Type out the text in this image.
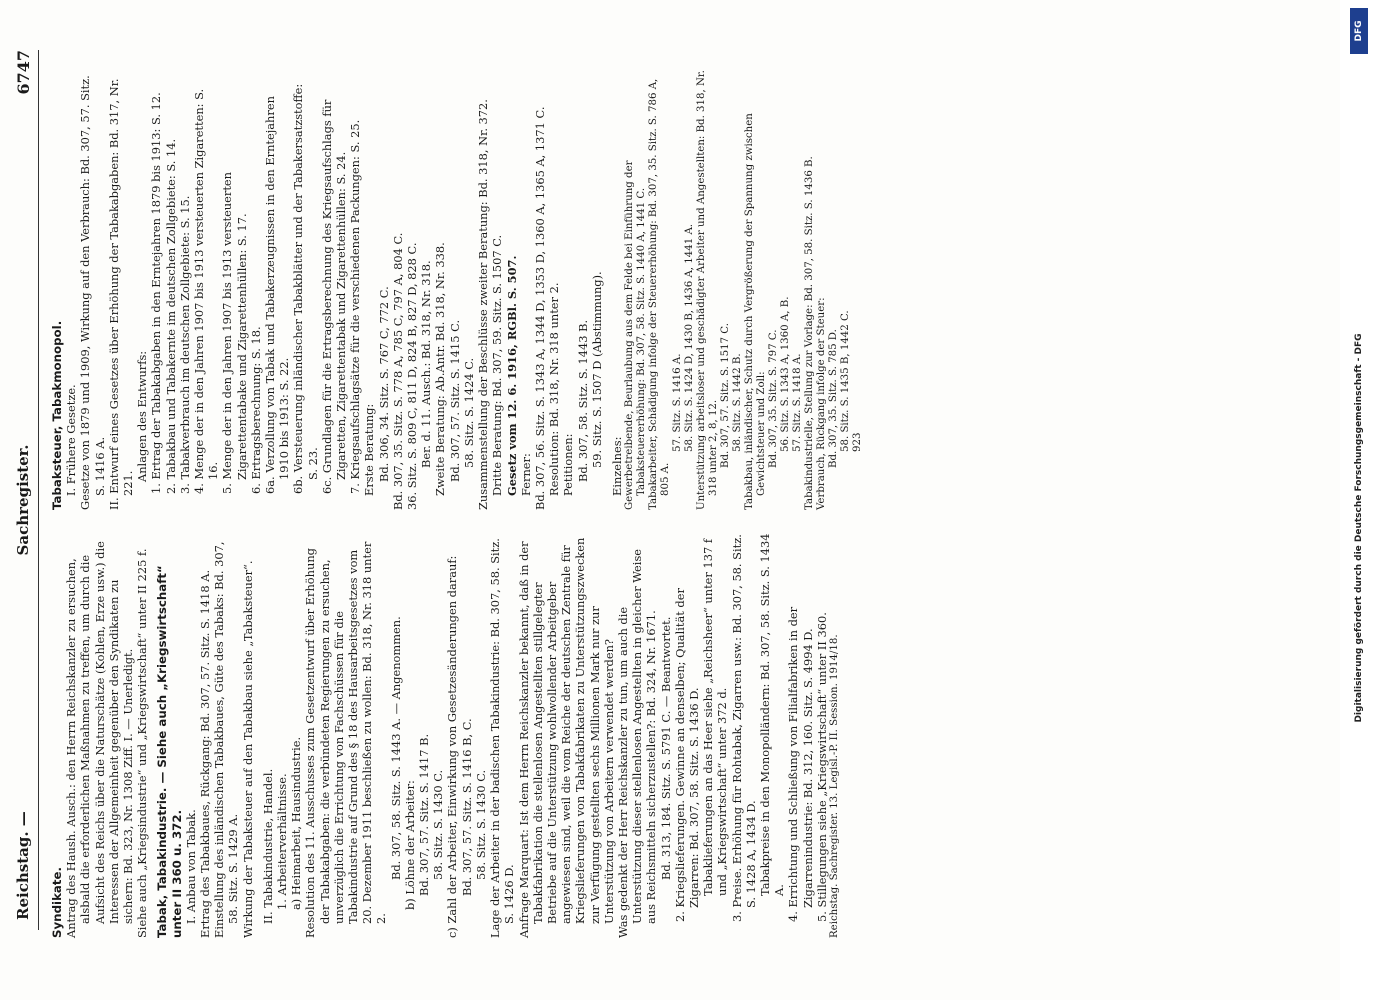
Reichstag. —
Sachregister.
6747

Syndikate. Antrag des Haush. Ausch.: den Herrn Reichskanzler zu ersuchen, alsbald die erforderlichen Maßnahmen zu treffen, um durch die Aufsicht des Reichs über die Naturschätze (Kohlen, Erze usw.) die Interessen der Allgemeinheit gegenüber den Syndikaten zu sichern: Bd. 323, Nr. 1308 Ziff. I. — Unerledigt. Siehe auch „Kriegsindustrie“ und „Kriegswirtschaft“ unter II 225 f. Tabak, Tabakindustrie. — Siehe auch „Kriegswirtschaft“ unter II 360 u. 372. I. Anbau von Tabak. Ertrag des Tabakbaues, Rückgang: Bd. 307, 57. Sitz. S. 1418 A. Einstellung des inländischen Tabakbaues, Güte des Tabaks: Bd. 307, 58. Sitz. S. 1429 A. Wirkung der Tabaksteuer auf den Tabakbau siehe „Tabaksteuer“. II. Tabakindustrie, Handel. 1. Arbeiterverhältnisse. a) Heimarbeit, Hausindustrie. Resolution des 11. Ausschusses zum Gesetzentwurf über Erhöhung der Tabakabgaben: die verbündeten Regierungen zu ersuchen, unverzüglich die Errichtung von Fachschüssen für die Tabakindustrie auf Grund des § 18 des Hausarbeitsgesetzes vom 20. Dezember 1911 beschließen zu wollen: Bd. 318, Nr. 318 unter 2.

Bd. 307, 58. Sitz. S. 1443 A. — Angenommen. b) Löhne der Arbeiter: Bd. 307, 57. Sitz. S. 1417 B. 58. Sitz. S. 1430 C. c) Zahl der Arbeiter, Einwirkung von Gesetzesänderungen darauf: Bd. 307, 57. Sitz. S. 1416 B, C. 58. Sitz. S. 1430 C. Lage der Arbeiter in der badischen Tabakindustrie: Bd. 307, 58. Sitz. S. 1426 D. Anfrage Marquart: Ist dem Herrn Reichskanzler bekannt, daß in der Tabakfabrikation die stellenlosen Angestellten stillgelegter Betriebe auf die Unterstützung wohlwollender Arbeitgeber angewiesen sind, weil die vom Reiche der deutschen Zentrale für Kriegslieferungen von Tabakfabrikaten zu Unterstützungszwecken zur Verfügung gestellten sechs Millionen Mark nur zur Unterstützung von Arbeitern verwendet werden? Was gedenkt der Herr Reichskanzler zu tun, um auch die Unterstützung dieser stellenlosen Angestellten in gleicher Weise aus Reichsmitteln sicherzustellen?: Bd. 324, Nr. 1671. Bd. 313, 184. Sitz. S. 5791 C. — Beantwortet. 2. Kriegslieferungen. Gewinne an denselben; Qualität der Zigarren: Bd. 307, 58. Sitz. S. 1436 D. Tabaklieferungen an das Heer siehe „Reichsheer“ unter 137 f und „Kriegswirtschaft“ unter 372 d. 3. Preise. Erhöhung für Rohtabak, Zigarren usw.: Bd. 307, 58. Sitz. S. 1428 A, 1434 D. Tabakpreise in den Monopolländern: Bd. 307, 58. Sitz. S. 1434 A. 4. Errichtung und Schließung von Filialfabriken in der Zigarrenindustrie: Bd. 312, 160. Sitz. S. 4994 D. 5. Stillegungen siehe „Kriegswirtschaft“ unter II 360. Reichstag. Sachregister. 13. Legisl.-P. II. Session. 1914/18.

Tabaksteuer, Tabakmonopol. I. Frühere Gesetze. Gesetze von 1879 und 1909, Wirkung auf den Verbrauch: Bd. 307, 57. Sitz. S. 1416 A. II. Entwurf eines Gesetzes über Erhöhung der Tabakabgaben: Bd. 317, Nr. 221.

Anlagen des Entwurfs: 1. Ertrag der Tabakabgaben in den Erntejahren 1879 bis 1913: S. 12. 2. Tabakbau und Tabakernte im deutschen Zollgebiete: S. 14. 3. Tabakverbrauch im deutschen Zollgebiete: S. 15. 4. Menge der in den Jahren 1907 bis 1913 versteuerten Zigaretten: S. 16. 5. Menge der in den Jahren 1907 bis 1913 versteuerten Zigarettentabake und Zigarettenhüllen: S. 17. 6. Ertragsberechnung: S. 18. 6a. Verzollung von Tabak und Tabakerzeugnissen in den Erntejahren 1910 bis 1913: S. 22. 6b. Versteuerung inländischer Tabakblätter und der Tabakersatzstoffe: S. 23. 6c. Grundlagen für die Ertragsberechnung des Kriegsaufschlags für Zigaretten, Zigarettentabak und Zigarettenhüllen: S. 24. 7. Kriegsaufschlagsätze für die verschiedenen Packungen: S. 25. Erste Beratung: Bd. 306, 34. Sitz. S. 767 C, 772 C. Bd. 307, 35. Sitz. S. 778 A, 785 C, 797 A, 804 C. 36. Sitz. S. 809 C, 811 D, 824 B, 827 D, 828 C. Ber. d. 11. Ausch.: Bd. 318, Nr. 318. Zweite Beratung: Ab.Antr. Bd. 318, Nr. 338. Bd. 307, 57. Sitz. S. 1415 C. 58. Sitz. S. 1424 C. Zusammenstellung der Beschlüsse zweiter Beratung: Bd. 318, Nr. 372. Dritte Beratung: Bd. 307, 59. Sitz. S. 1507 C. Gesetz vom 12. 6. 1916, RGBl. S. 507. Ferner: Bd. 307, 56. Sitz. S. 1343 A, 1344 D, 1353 D, 1360 A, 1365 A, 1371 C. Resolution: Bd. 318, Nr. 318 unter 2. Petitionen: Bd. 307, 58. Sitz. S. 1443 B. 59. Sitz. S. 1507 D (Abstimmung). Einzelnes: Gewerbetreibende, Beurlaubung aus dem Felde bei Einführung der Tabaksteuererhöhung: Bd. 307, 58. Sitz. S. 1440 A, 1441 C. Tabakarbeiter, Schädigung infolge der Steuererhöhung: Bd. 307, 35. Sitz. S. 786 A, 805 A.

57. Sitz. S. 1416 A. 58. Sitz. S. 1424 D, 1430 B, 1436 A, 1441 A. Unterstützung arbeitsloser und geschädigter Arbeiter und Angestellten: Bd. 318, Nr. 318 unter 2, 8, 12. Bd. 307, 57. Sitz. S. 1517 C. 58. Sitz. S. 1442 B. Tabakbau, inländischer, Schutz durch Vergrößerung der Spannung zwischen Gewichtsteuer und Zoll: Bd. 307, 35. Sitz. S. 797 C. 56. Sitz. S. 1343 A, 1360 A, B. 57. Sitz. S. 1418 A. Tabakindustrielle, Stellung zur Vorlage: Bd. 307, 58. Sitz. S. 1436 B. Verbrauch, Rückgang infolge der Steuer: Bd. 307, 35. Sitz. S. 785 D. 58. Sitz. S. 1435 B, 1442 C. 923

DFG
Digitalisierung gefördert durch die Deutsche Forschungsgemeinschaft - DFG
